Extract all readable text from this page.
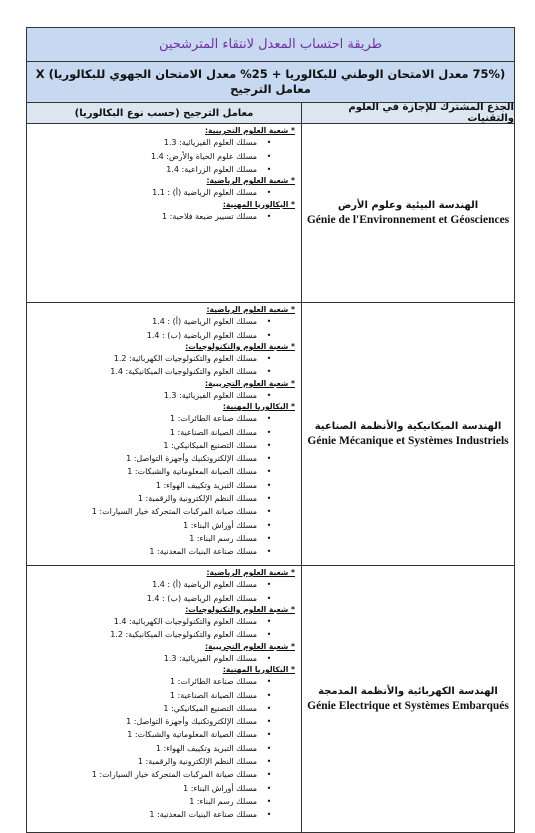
طريقة احتساب المعدل لانتقاء المترشحين
(75% معدل الامتحان الوطني للبكالوريا + 25% معدل الامتحان الجهوي للبكالوريا) X معامل الترجيح
الجذع المشترك للإجازة في العلوم والتقنيات
معامل الترجيح (حسب نوع البكالوريا)
الهندسة البيئية وعلوم الأرض
Génie de l'Environnement et Géosciences
* شعبة العلوم التجريبية:
•
مسلك العلوم الفيزيائية: 1.3
•
مسلك علوم الحياة والأرض: 1.4
•
مسلك العلوم الزراعية: 1.4
* شعبة العلوم الرياضية:
•
مسلك العلوم الرياضية (أ) : 1.1
* البكالوريا المهنية:
•
مسلك تسيير ضيعة فلاحية: 1
الهندسة الميكانيكية والأنظمة الصناعية
Génie Mécanique et Systèmes Industriels
* شعبة العلوم الرياضية:
•
مسلك العلوم الرياضية (أ) : 1.4
•
مسلك العلوم الرياضية (ب) : 1.4
* شعبة العلوم والتكنولوجيات:
•
مسلك العلوم والتكنولوجيات الكهربائية: 1.2
•
مسلك العلوم والتكنولوجيات الميكانيكية: 1.4
* شعبة العلوم التجريبية:
•
مسلك العلوم الفيزيائية: 1.3
* البكالوريا المهنية:
•
مسلك صناعة الطائرات: 1
•
مسلك الصيانة الصناعية: 1
•
مسلك التصنيع الميكانيكي: 1
•
مسلك الإلكتروتكنيك وأجهزة التواصل: 1
•
مسلك الصيانة المعلوماتية والشبكات: 1
•
مسلك التبريد وتكييف الهواء: 1
•
مسلك النظم الإلكترونية والرقمية: 1
•
مسلك صيانة المركبات المتحركة خيار السيارات: 1
•
مسلك أوراش البناء: 1
•
مسلك رسم البناء: 1
•
مسلك صناعة البنيات المعدنية: 1
الهندسة الكهربائية والأنظمة المدمجة
Génie Electrique et Systèmes Embarqués
* شعبة العلوم الرياضية:
•
مسلك العلوم الرياضية (أ) : 1.4
•
مسلك العلوم الرياضية (ب) : 1.4
* شعبة العلوم والتكنولوجيات:
•
مسلك العلوم والتكنولوجيات الكهربائية: 1.4
•
مسلك العلوم والتكنولوجيات الميكانيكية: 1.2
* شعبة العلوم التجريبية:
•
مسلك العلوم الفيزيائية: 1.3
* البكالوريا المهنية:
•
مسلك صناعة الطائرات: 1
•
مسلك الصيانة الصناعية: 1
•
مسلك التصنيع الميكانيكي: 1
•
مسلك الإلكتروتكنيك وأجهزة التواصل: 1
•
مسلك الصيانة المعلوماتية والشبكات: 1
•
مسلك التبريد وتكييف الهواء: 1
•
مسلك النظم الإلكترونية والرقمية: 1
•
مسلك صيانة المركبات المتحركة خيار السيارات: 1
•
مسلك أوراش البناء: 1
•
مسلك رسم البناء: 1
•
مسلك صناعة البنيات المعدنية: 1
